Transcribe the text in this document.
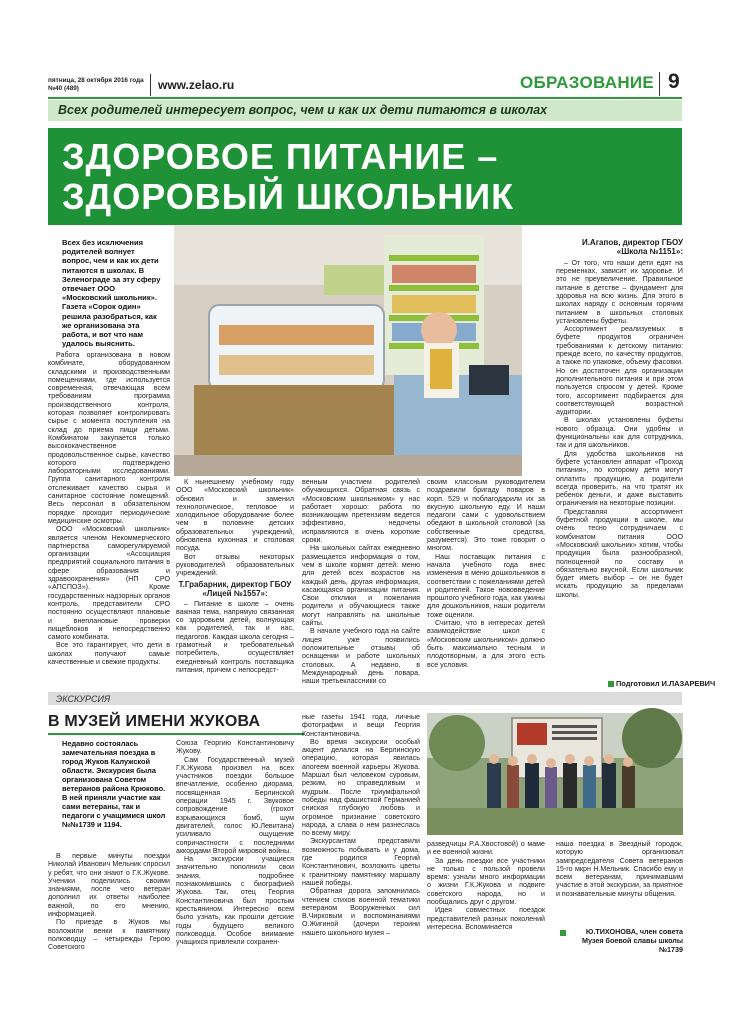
пятница, 28 октября 2016 года
№40 (489)	www.zelao.ru	ОБРАЗОВАНИЕ 9
Всех родителей интересует вопрос, чем и как их дети питаются в школах
ЗДОРОВОЕ ПИТАНИЕ –
ЗДОРОВЫЙ ШКОЛЬНИК
Всех без исключения родителей волнует вопрос, чем и как их дети питаются в школах. В Зеленограде за эту сферу отвечает ООО «Московский школьник». Газета «Сорок один» решила разобраться, как же организована эта работа, и вот что нам удалось выяснить.

Работа организована в новом комбинате, оборудованном складскими и производственными помещениями, где используется современная, отвечающая всем требованиям программа производственного контроля, которая позволяет контролировать сырье с момента поступления на склад до приема пищи детьми. Комбинатом закупается только высококачественное продовольственное сырье, качество которого подтверждено лабораторными исследованиями. Группа санитарного контроля отслеживает качество сырья и санитарное состояние помещений. Весь персонал в обязательном порядке проходит периодические медицинские осмотры.

ООО «Московский школьник» является членом Некоммерческого партнерства саморегулируемой организации «Ассоциация предприятий социального питания в сфере образования и здравоохранения» (НП СРО «АПСПОЗ»). Кроме государственных надзорных органов контроль, представители СРО постоянно осуществляют плановые и внеплановые проверки пищеблоков и непосредственно самого комбината.

Все это гарантирует, что дети в школах получают самые качественные и свежие продукты.

К нынешнему учебному году ООО «Московский школьник» обновил и заменил технологическое, тепловое и холодильное оборудование более чем в половине детских образовательных учреждений, обновлена кухонная и столовая посуда.

Вот отзывы некоторых руководителей образовательных учреждений.

Т.Грабарник, директор ГБОУ «Лицей №1557»:

– Питание в школе – очень важная тема, напрямую связанная со здоровьем детей, волнующая как родителей, так и нас, педагогов. Каждая школа сегодня – грамотный и требовательный потребитель, осуществляет ежедневный контроль поставщика питания, причем с непосредст-

венным участием родителей обучающихся. Обратная связь с «Московским школьником» у нас работает хорошо: работа по возникающим претензиям ведется эффективно, недочеты исправляются в очень короткие сроки.

На школьных сайтах ежедневно размещается информация о том, чем в школе кормят детей: меню для детей всех возрастов на каждый день, другая информация, касающаяся организации питания. Свои отклики и пожелания родители и обучающиеся также могут направлять на школьные сайты.

В начале учебного года на сайте лицея уже появились положительные отзывы об оснащении и работе школьных столовых. А недавно, в Международный день повара, наши третьеклассники со

своим классным руководителем поздравили бригаду поваров в корп. 529 и поблагодарили их за вкусную школьную еду. И наши педагоги сами с удовольствием обедают в школьной столовой (за собственные средства, разумеется). Это тоже говорит о многом.

Наш поставщик питания с начала учебного года внес изменения в меню дошкольников в соответствии с пожеланиями детей и родителей. Такое нововведение прошлого учебного года, как ужины для дошкольников, наши родители тоже оценили.

Считаю, что в интересах детей взаимодействие школ с «Московским школьником» должно быть максимально тесным и плодотворным, а для этого есть все условия.

И.Агапов, директор ГБОУ «Школа №1151»:

– От того, что наши дети едят на переменках, зависит их здоровье. И это не преувеличение. Правильное питание в детстве – фундамент для здоровья на всю жизнь. Для этого в школах наряду с основным горячим питанием в школьных столовых установлены буфеты.

Ассортимент реализуемых в буфете продуктов ограничен требованиями к детскому питанию: прежде всего, по качеству продуктов, а также по упаковке, объему фасовки. Но он достаточен для организации дополнительного питания и при этом пользуется спросом у детей. Кроме того, ассортимент подбирается для соответствующей возрастной аудитории.

В школах установлены буфеты нового образца. Они удобны и функциональны как для сотрудника, так и для школьников.

Для удобства школьников на буфете установлен аппарат «Проход питания», по которому дети могут оплатить продукцию, а родители всегда проверить, на что тратят их ребенок деньги, и даже выставить ограничения на некоторые позиции.

Представляя ассортимент буфетной продукции в школе, мы очень тесно сотрудничаем с комбинатом питания ООО «Московский школьник» хотим, чтобы продукция была разнообразной, полноценной по составу и обязательно вкусной. Если школьник будет иметь выбор – он не будет искать продукцию за пределами школы.

Подготовил И.ЛАЗАРЕВИЧ
ЭКСКУРСИЯ
В МУЗЕЙ ИМЕНИ ЖУКОВА
Недавно состоялась замечательная поездка в город Жуков Калужской области. Экскурсия была организована Советом ветеранов района Крюково. В ней приняли участие как сами ветераны, так и педагоги с учащимися школ №№1739 и 1194.

В первые минуты поездки Николай Иванович Мельник спросил у ребят, что они знают о Г.К.Жукове. Ученики поделились своими знаниями, после чего ветеран дополнил их ответы наиболее важной, по его мнению, информацией.

По приезде в Жуков мы возложили венки к памятнику полководцу – четырежды Герою Советского

Союза Георгию Константиновичу Жукову.

Сам Государственный музей Г.К.Жукова произвел на всех участников поездки большое впечатление, особенно диорама, посвященная Берлинской операции 1945 г. Звуковое сопровождение (грохот взрывающихся бомб, шум двигателей, голос Ю.Левитана) усиливало ощущение сопричастности с последними аккордами Второй мировой войны.

На экскурсии учащиеся значительно пополнили свои знания, подробнее познакомившись с биографией Жукова. Так, отец Георгия Константиновича был простым крестьянином. Интересно всем было узнать, как прошли детские годы будущего великого полководца. Особое внимание учащихся привлекли сохранен-

ные газеты 1941 года, личные фотографии и вещи Георгия Константиновича.

Во время экскурсии особый акцент делался на Берлинскую операцию, которая явилась апогеем военной карьеры Жукова. Маршал был человеком суровым, резким, но справедливым и мудрым. После триумфальной победы над фашисткой Германией сниская глубокую любовь и огромное признание советского народа, а слава о нем разнеслась по всему миру.

Экскурсантам представили возможность побывать и у дома, где родился Георгий Константинович, возложить цветы к гранитному памятнику маршалу нашей победы.

Обратная дорога запомнилась чтением стихов военной тематики ветераном Вооруженных сил В.Чирковым и воспоминаниями О.Жигиной (дочери героини нашего школьного музея –

разведчицы Р.А.Хвостовой) о маме и ее военной жизни.

За день поездки все участники не только с пользой провели время: узнали много информации о жизни Г.К.Жукова и подвиге советского народа, но и пообщались друг с другом.

Идея совместных поездок представителей разных поколений интересна. Вспоминается

наша поездка в Звездный городок, которую организовал зампредседателя Совета ветеранов 15-го мкрн Н.Мельник. Спасибо ему и всем ветеранам, принимавшим участие в этой экскурсии, за приятное и познавательные минуты общения.

Ю.ТИХОНОВА, член совета Музея боевой славы школы №1739
